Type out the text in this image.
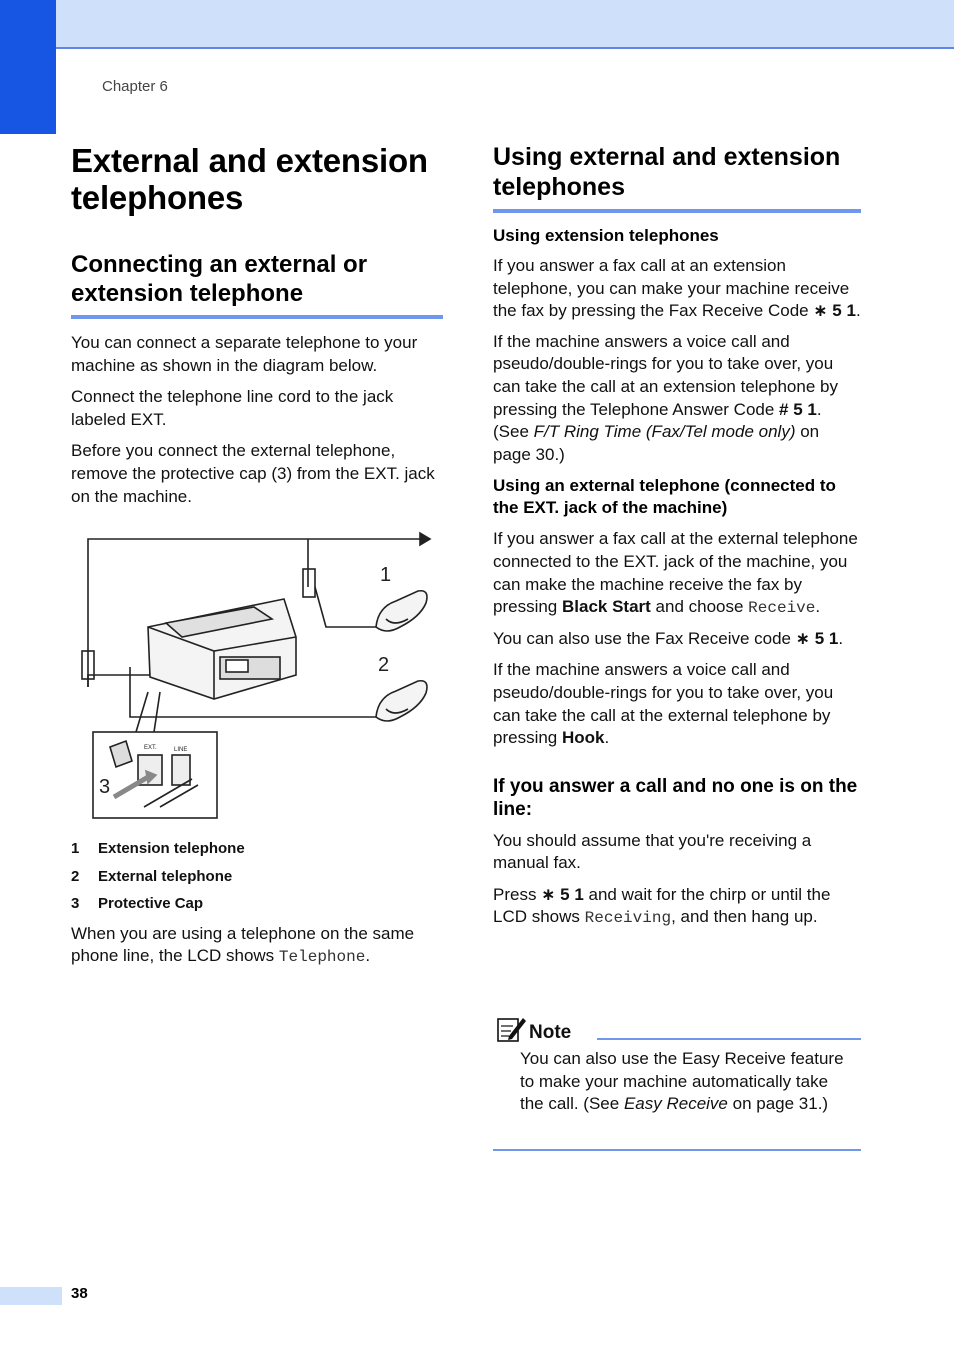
Chapter 6
External and extension telephones
Connecting an external or extension telephone

You can connect a separate telephone to your machine as shown in the diagram below.

Connect the telephone line cord to the jack labeled EXT.

Before you connect the external telephone, remove the protective cap (3) from the EXT. jack on the machine.

1
2
3
EXT.	LINE
1	Extension telephone
2	External telephone
3	Protective Cap

When you are using a telephone on the same phone line, the LCD shows Telephone.

Using external and extension telephones
Using extension telephones

If you answer a fax call at an extension telephone, you can make your machine receive the fax by pressing the Fax Receive Code ∗ 5 1.

If the machine answers a voice call and pseudo/double-rings for you to take over, you can take the call at an extension telephone by pressing the Telephone Answer Code # 5 1. (See F/T Ring Time (Fax/Tel mode only) on page 30.)

Using an external telephone (connected to the EXT. jack of the machine)

If you answer a fax call at the external telephone connected to the EXT. jack of the machine, you can make the machine receive the fax by pressing Black Start and choose Receive.

You can also use the Fax Receive code ∗ 5 1.

If the machine answers a voice call and pseudo/double-rings for you to take over, you can take the call at the external telephone by pressing Hook.

If you answer a call and no one is on the line:

You should assume that you're receiving a manual fax.

Press ∗ 5 1 and wait for the chirp or until the LCD shows Receiving, and then hang up.

Note

You can also use the Easy Receive feature to make your machine automatically take the call. (See Easy Receive on page 31.)

38
